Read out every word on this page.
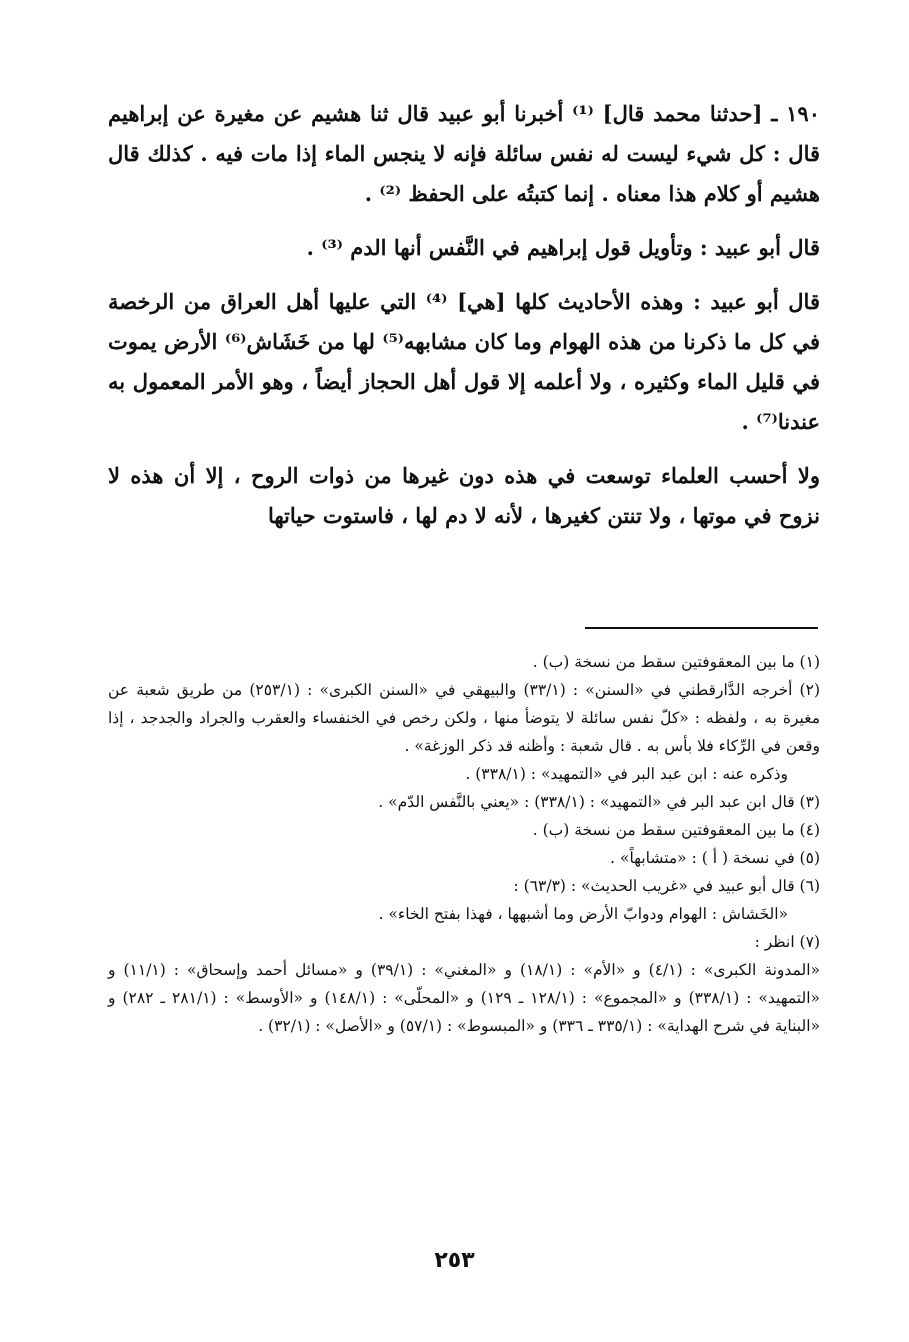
١٩٠ ـ [حدثنا محمد قال] ⁽¹⁾ أخبرنا أبو عبيد قال ثنا هشيم عن مغيرة عن إبراهيم قال : كل شيء ليست له نفس سائلة فإنه لا ينجس الماء إذا مات فيه . كذلك قال هشيم أو كلام هذا معناه . إنما كتبتُه على الحفظ ⁽²⁾ .

قال أبو عبيد : وتأويل قول إبراهيم في النَّفس أنها الدم ⁽³⁾ .

قال أبو عبيد : وهذه الأحاديث كلها [هي] ⁽⁴⁾ التي عليها أهل العراق من الرخصة في كل ما ذكرنا من هذه الهوام وما كان مشابهه⁽⁵⁾ لها من خَشَاش⁽⁶⁾ الأرض يموت في قليل الماء وكثيره ، ولا أعلمه إلا قول أهل الحجاز أيضاً ، وهو الأمر المعمول به عندنا⁽⁷⁾ .

ولا أحسب العلماء توسعت في هذه دون غيرها من ذوات الروح ، إلا أن هذه لا نزوح في موتها ، ولا تنتن كغيرها ، لأنه لا دم لها ، فاستوت حياتها

(١) ما بين المعقوفتين سقط من نسخة (ب) .

(٢) أخرجه الدَّارقطني في «السنن» : (٣٣/١) والبيهقي في «السنن الكبرى» : (٢٥٣/١) من طريق شعبة عن مغيرة به ، ولفظه : «كلّ نفس سائلة لا يتوضأ منها ، ولكن رخص في الخنفساء والعقرب والجراد والجدجد ، إذا وقعن في الرِّكاء فلا بأس به . قال شعبة : وأظنه قد ذكر الوزغة» .

وذكره عنه : ابن عبد البر في «التمهيد» : (٣٣٨/١) .

(٣) قال ابن عبد البر في «التمهيد» : (٣٣٨/١) : «يعني بالنَّفس الدّم» .

(٤) ما بين المعقوفتين سقط من نسخة (ب) .

(٥) في نسخة ( أ ) : «متشابهاً» .

(٦) قال أبو عبيد في «غريب الحديث» : (٦٣/٣) :

«الخَشاش : الهوام ودوابّ الأرض وما أشبهها ، فهذا بفتح الخاء» .

(٧) انظر :

«المدونة الكبرى» : (٤/١) و «الأم» : (١٨/١) و «المغني» : (٣٩/١) و «مسائل أحمد وإسحاق» : (١١/١) و «التمهيد» : (٣٣٨/١) و «المجموع» : (١٢٨/١ ـ ١٢٩) و «المحلّى» : (١٤٨/١) و «الأوسط» : (٢٨١/١ ـ ٢٨٢) و «البناية في شرح الهداية» : (٣٣٥/١ ـ ٣٣٦) و «المبسوط» : (٥٧/١) و «الأصل» : (٣٢/١) .

٢٥٣
